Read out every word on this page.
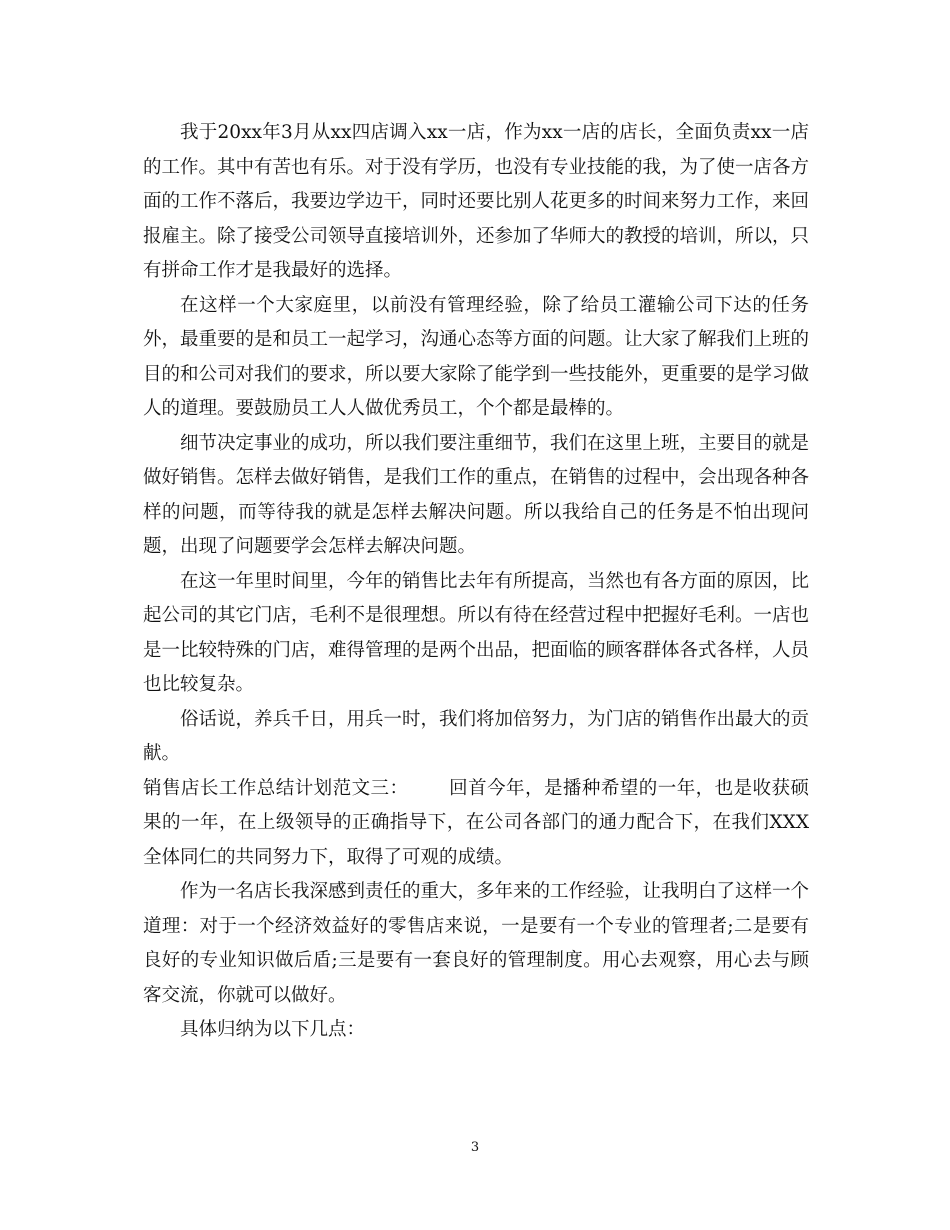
我于20xx年3月从xx四店调入xx一店，作为xx一店的店长，全面负责xx一店的工作。其中有苦也有乐。对于没有学历，也没有专业技能的我，为了使一店各方面的工作不落后，我要边学边干，同时还要比别人花更多的时间来努力工作，来回报雇主。除了接受公司领导直接培训外，还参加了华师大的教授的培训，所以，只有拼命工作才是我最好的选择。

在这样一个大家庭里，以前没有管理经验，除了给员工灌输公司下达的任务外，最重要的是和员工一起学习，沟通心态等方面的问题。让大家了解我们上班的目的和公司对我们的要求，所以要大家除了能学到一些技能外，更重要的是学习做人的道理。要鼓励员工人人做优秀员工，个个都是最棒的。

细节决定事业的成功，所以我们要注重细节，我们在这里上班，主要目的就是做好销售。怎样去做好销售，是我们工作的重点，在销售的过程中，会出现各种各样的问题，而等待我的就是怎样去解决问题。所以我给自己的任务是不怕出现问题，出现了问题要学会怎样去解决问题。

在这一年里时间里，今年的销售比去年有所提高，当然也有各方面的原因，比起公司的其它门店，毛利不是很理想。所以有待在经营过程中把握好毛利。一店也是一比较特殊的门店，难得管理的是两个出品，把面临的顾客群体各式各样，人员也比较复杂。

俗话说，养兵千日，用兵一时，我们将加倍努力，为门店的销售作出最大的贡献。

销售店长工作总结计划范文三： 回首今年，是播种希望的一年，也是收获硕果的一年，在上级领导的正确指导下，在公司各部门的通力配合下，在我们XXX全体同仁的共同努力下，取得了可观的成绩。

作为一名店长我深感到责任的重大，多年来的工作经验，让我明白了这样一个道理：对于一个经济效益好的零售店来说，一是要有一个专业的管理者;二是要有良好的专业知识做后盾;三是要有一套良好的管理制度。用心去观察，用心去与顾客交流，你就可以做好。

具体归纳为以下几点：

3
